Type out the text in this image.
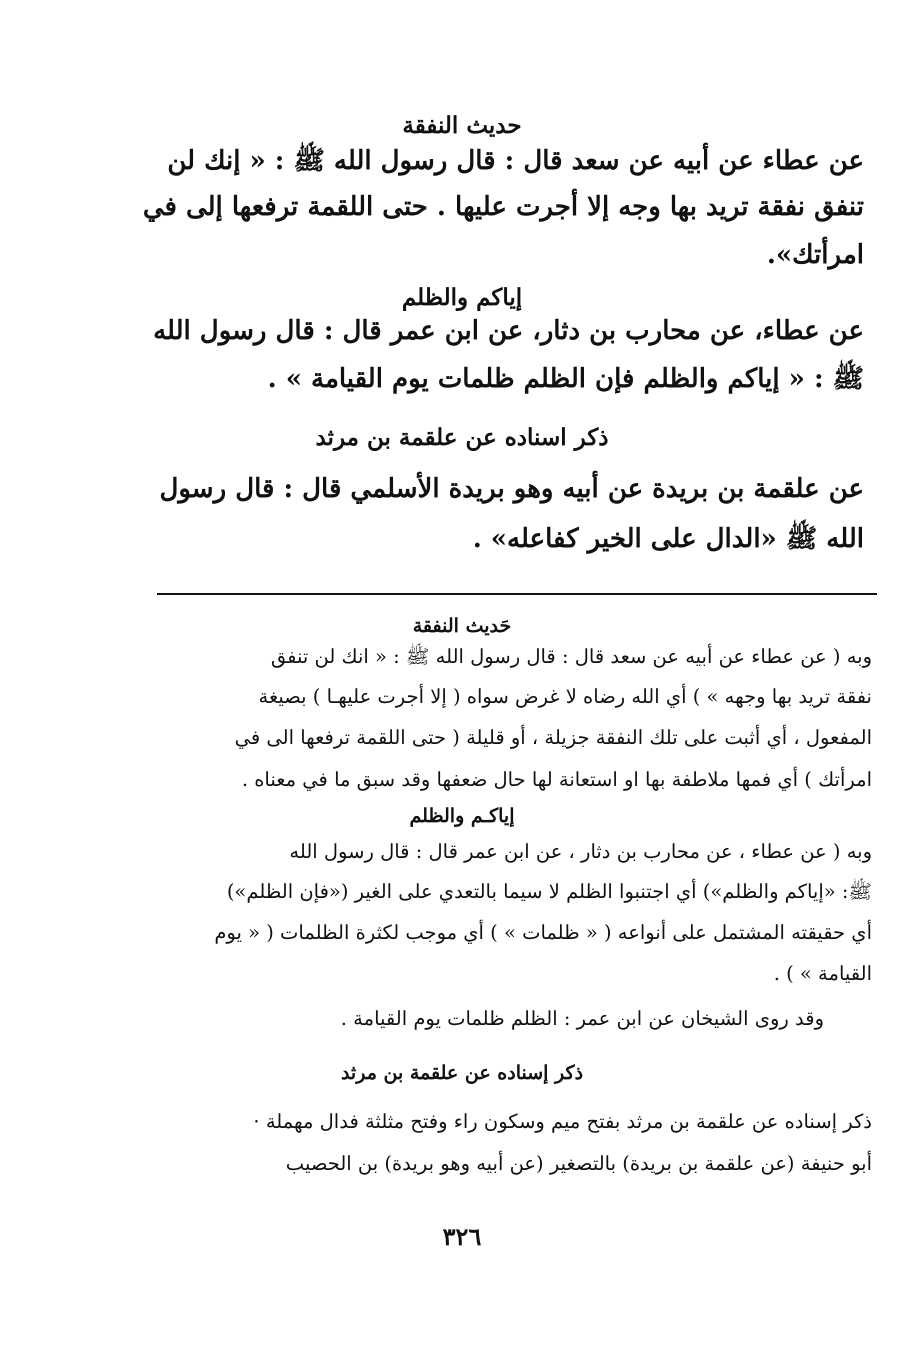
حديث النفقة
عن عطاء عن أبيه عن سعد قال : قال رسول الله ﷺ : « إنك لن
تنفق نفقة تريد بها وجه إلا أجرت عليها . حتى اللقمة ترفعها إلى في
امرأتك».
إياكم والظلم
عن عطاء، عن محارب بن دثار، عن ابن عمر قال : قال رسول الله
ﷺ : « إياكم والظلم فإن الظلم ظلمات يوم القيامة » .
ذكر اسناده عن علقمة بن مرثد
عن علقمة بن بريدة عن أبيه وهو بريدة الأسلمي قال : قال رسول
الله ﷺ «الدال على الخير كفاعله» .
حَديث النفقة
وبه ( عن عطاء عن أبيه عن سعد قال : قال رسول الله ﷺ : « انك لن تنفق
نفقة تريد بها وجهه » ) أي الله رضاه لا غرض سواه ( إلا أجرت عليهـا ) بصيغة
المفعول ، أي أثبت على تلك النفقة جزيلة ، أو قليلة ( حتى اللقمة ترفعها الى في
امرأتك ) أي فمها ملاطفة بها او استعانة لها حال ضعفها وقد سبق ما في معناه .
إياكـم والظلم
وبه ( عن عطاء ، عن محارب بن دثار ، عن ابن عمر قال : قال رسول الله
ﷺ: «إياكم والظلم») أي اجتنبوا الظلم لا سيما بالتعدي على الغير («فإن الظلم»)
أي حقيقته المشتمل على أنواعه ( « ظلمات » ) أي موجب لكثرة الظلمات ( « يوم
القيامة » ) .
وقد روى الشيخان عن ابن عمر : الظلم ظلمات يوم القيامة .
ذكر إسناده عن علقمة بن مرثد
ذكر إسناده عن علقمة بن مرثد بفتح ميم وسكون راء وفتح مثلثة فدال مهملة ·
أبو حنيفة (عن علقمة بن بريدة) بالتصغير (عن أبيه وهو بريدة) بن الحصيب
٣٢٦
